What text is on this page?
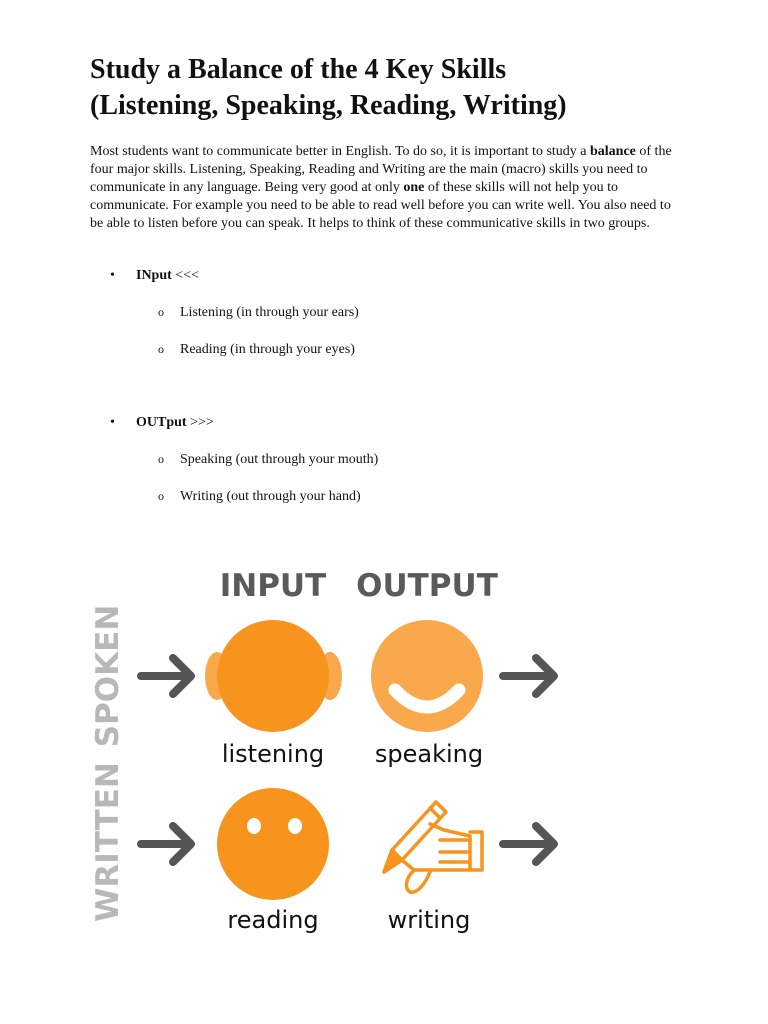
Study a Balance of the 4 Key Skills
(Listening, Speaking, Reading, Writing)

Most students want to communicate better in English. To do so, it is important to study a balance of the four major skills. Listening, Speaking, Reading and Writing are the main (macro) skills you need to communicate in any language. Being very good at only one of these skills will not help you to communicate. For example you need to be able to read well before you can write well. You also need to be able to listen before you can speak. It helps to think of these communicative skills in two groups.

• INput <<<
o Listening (in through your ears)
o Reading (in through your eyes)
• OUTput >>>
o Speaking (out through your mouth)
o Writing (out through your hand)
INPUT OUTPUT
SPOKEN
WRITTEN
listening speaking
reading	writing
